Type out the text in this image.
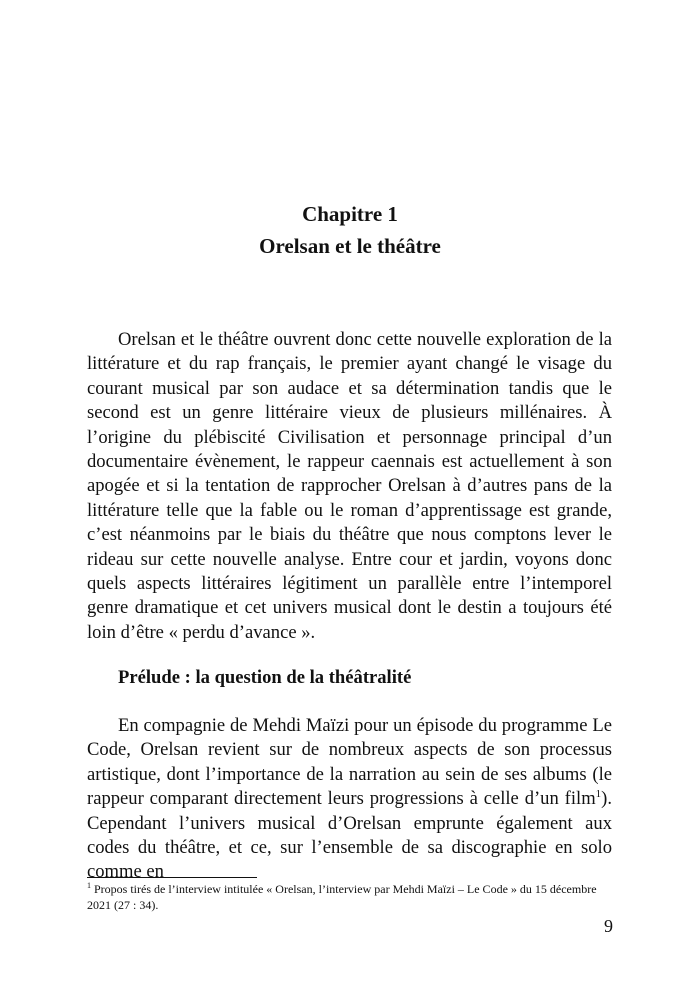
Chapitre 1
Orelsan et le théâtre

Orelsan et le théâtre ouvrent donc cette nouvelle exploration de la littérature et du rap français, le premier ayant changé le visage du courant musical par son audace et sa détermination tandis que le second est un genre littéraire vieux de plusieurs millénaires. À l’origine du plébiscité Civilisation et personnage principal d’un documentaire évènement, le rappeur caennais est actuellement à son apogée et si la tentation de rapprocher Orelsan à d’autres pans de la littérature telle que la fable ou le roman d’apprentissage est grande, c’est néanmoins par le biais du théâtre que nous comptons lever le rideau sur cette nouvelle analyse. Entre cour et jardin, voyons donc quels aspects littéraires légitiment un parallèle entre l’intemporel genre dramatique et cet univers musical dont le destin a toujours été loin d’être « perdu d’avance ».

Prélude : la question de la théâtralité

En compagnie de Mehdi Maïzi pour un épisode du programme Le Code, Orelsan revient sur de nombreux aspects de son processus artistique, dont l’importance de la narration au sein de ses albums (le rappeur comparant directement leurs progressions à celle d’un film$^1$). Cependant l’univers musical d’Orelsan emprunte également aux codes du théâtre, et ce, sur l’ensemble de sa discographie en solo comme en

$^1$ Propos tirés de l’interview intitulée « Orelsan, l’interview par Mehdi Maïzi – Le Code » du 15 décembre 2021 (27 : 34).
9
